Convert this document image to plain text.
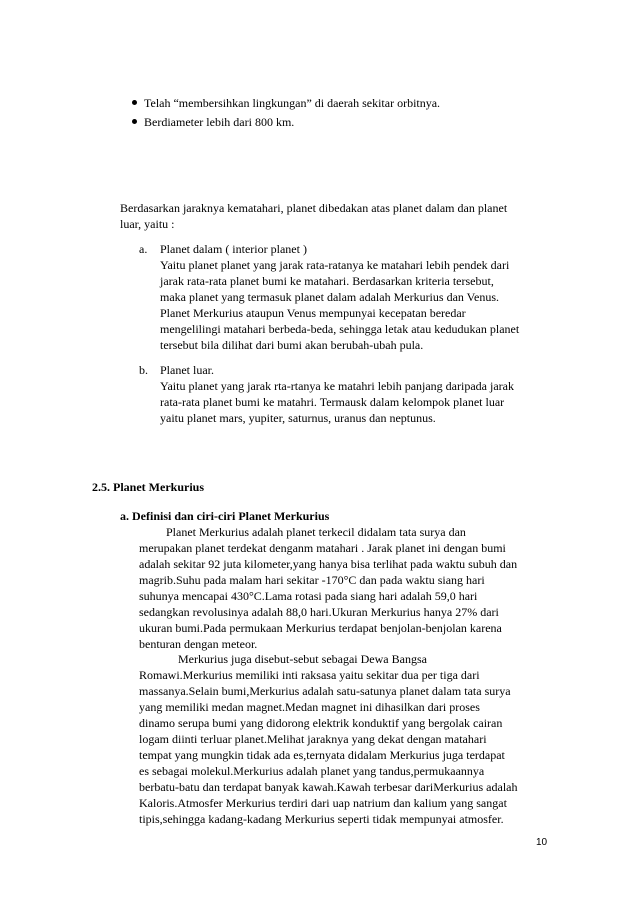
Telah “membersihkan lingkungan” di daerah sekitar orbitnya.
Berdiameter lebih dari 800 km.
Berdasarkan jaraknya kematahari, planet dibedakan atas planet dalam dan planet
luar, yaitu :
a. Planet dalam ( interior planet )
Yaitu planet planet yang jarak rata-ratanya ke matahari lebih pendek dari
jarak rata-rata planet bumi ke matahari. Berdasarkan kriteria tersebut,
maka planet yang termasuk planet dalam adalah Merkurius dan Venus.
Planet Merkurius ataupun Venus mempunyai kecepatan beredar
mengelilingi matahari berbeda-beda, sehingga letak atau kedudukan planet
tersebut bila dilihat dari bumi akan berubah-ubah pula.
b. Planet luar.
Yaitu planet yang jarak rta-rtanya ke matahri lebih panjang daripada jarak
rata-rata planet bumi ke matahri. Termausk dalam kelompok planet luar
yaitu planet mars, yupiter, saturnus, uranus dan neptunus.
2.5. Planet Merkurius
a. Definisi dan ciri-ciri Planet Merkurius
Planet Merkurius adalah planet terkecil didalam tata surya dan
merupakan planet terdekat denganm matahari . Jarak planet ini dengan bumi
adalah sekitar 92 juta kilometer,yang hanya bisa terlihat pada waktu subuh dan
magrib.Suhu pada malam hari sekitar -170°C dan pada waktu siang hari
suhunya mencapai 430°C.Lama rotasi pada siang hari adalah 59,0 hari
sedangkan revolusinya adalah 88,0 hari.Ukuran Merkurius hanya 27% dari
ukuran bumi.Pada permukaan Merkurius terdapat benjolan-benjolan karena
benturan dengan meteor.
Merkurius juga disebut-sebut sebagai Dewa Bangsa
Romawi.Merkurius memiliki inti raksasa yaitu sekitar dua per tiga dari
massanya.Selain bumi,Merkurius adalah satu-satunya planet dalam tata surya
yang memiliki medan magnet.Medan magnet ini dihasilkan dari proses
dinamo serupa bumi yang didorong elektrik konduktif yang bergolak cairan
logam diinti terluar planet.Melihat jaraknya yang dekat dengan matahari
tempat yang mungkin tidak ada es,ternyata didalam Merkurius juga terdapat
es sebagai molekul.Merkurius adalah planet yang tandus,permukaannya
berbatu-batu dan terdapat banyak kawah.Kawah terbesar dariMerkurius adalah
Kaloris.Atmosfer Merkurius terdiri dari uap natrium dan kalium yang sangat
tipis,sehingga kadang-kadang Merkurius seperti tidak mempunyai atmosfer.
10
